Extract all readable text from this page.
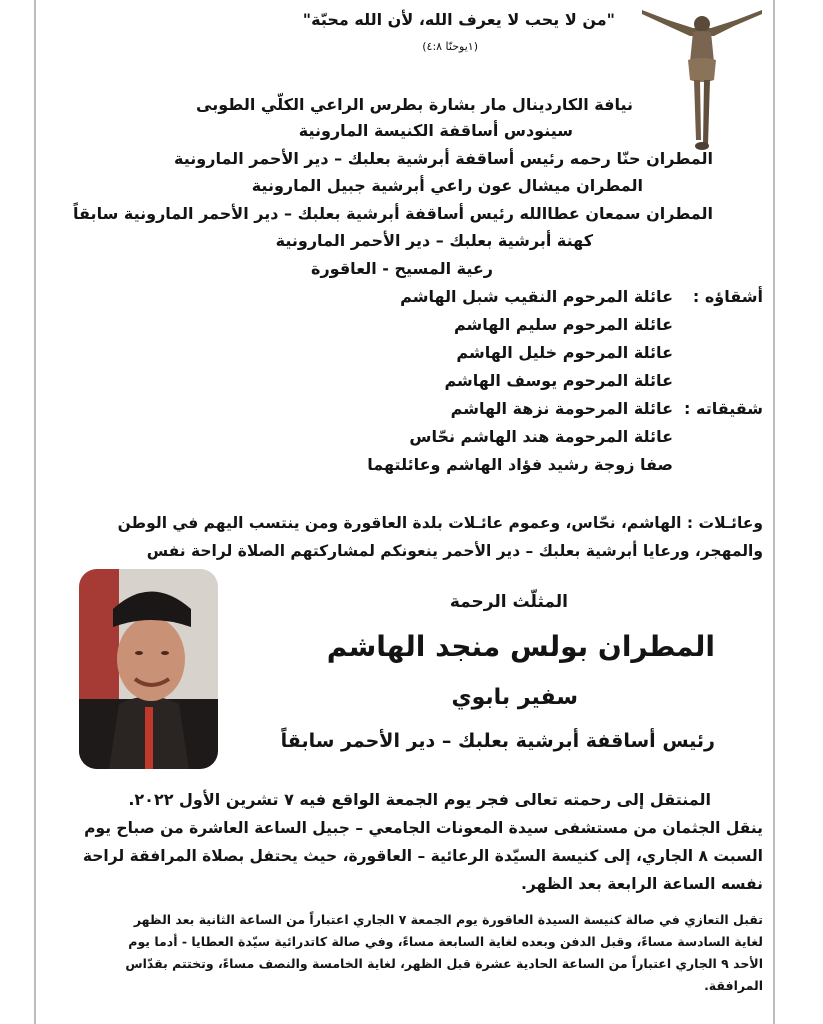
"من لا يحب لا يعرف الله، لأن الله محبّة"
(١يوحنّا ٤:٨)
نيافة الكاردينال مار بشارة بطرس الراعي الكلّي الطوبى
سينودس أساقفة الكنيسة المارونية
المطران حنّا رحمه رئيس أساقفة أبرشية بعلبك – دير الأحمر المارونية
المطران ميشال عون راعي أبرشية جبيل المارونية
المطران سمعان عطاالله رئيس أساقفة أبرشية بعلبك – دير الأحمر المارونية سابقاً
كهنة أبرشية بعلبك – دير الأحمر المارونية
رعية المسيح - العاقورة
أشقاؤه :
عائلة المرحوم النقيب شبل الهاشم
عائلة المرحوم سليم الهاشم
عائلة المرحوم خليل الهاشم
عائلة المرحوم يوسف الهاشم
شقيقاته :
عائلة المرحومة نزهة الهاشم
عائلة المرحومة هند الهاشم نحّاس
صفا زوجة رشيد فؤاد الهاشم وعائلتهما
وعائـلات : الهاشم، نحّاس، وعموم عائـلات بلدة العاقورة ومن ينتسب اليهم في الوطن
والمهجر، ورعايا أبرشية بعلبك – دير الأحمر ينعونكم لمشاركتهم الصلاة لراحة نفس
المثلّث الرحمة
المطران بولس منجد الهاشم
سفير بابوي
رئيس أساقفة أبرشية بعلبك – دير الأحمر سابقاً
المنتقل إلى رحمته تعالى فجر يوم الجمعة الواقع فيه ٧ تشرين الأول ٢٠٢٢.
ينقل الجثمان من مستشفى سيدة المعونات الجامعي – جبيل الساعة العاشرة من صباح يوم
السبت ٨ الجاري، إلى كنيسة السيّدة الرعائية – العاقورة، حيث يحتفل بصلاة المرافقة لراحة
نفسه الساعة الرابعة بعد الظهر.
تقبل التعازي في صالة كنيسة السيدة العاقورة يوم الجمعة ٧ الجاري اعتباراً من الساعة الثانية بعد الظهر
لغاية السادسة مساءً، وقبل الدفن وبعده لغاية السابعة مساءً، وفي صالة كاتدرائية سيّدة العطايا - أدما يوم
الأحد ٩ الجاري اعتباراً من الساعة الحادية عشرة قبل الظهر، لغاية الخامسة والنصف مساءً، وتختتم بقدّاس
المرافقة.
